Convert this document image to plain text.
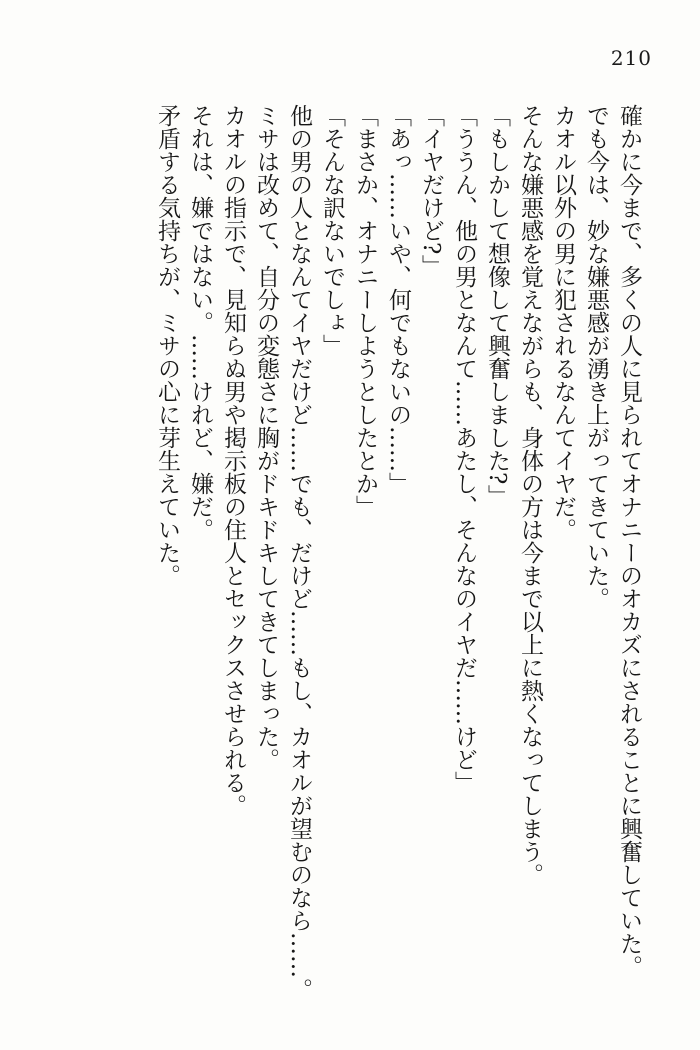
210

確かに今まで、多くの人に見られてオナニーのオカズにされることに興奮していた。

でも今は、妙な嫌悪感が湧き上がってきていた。

カオル以外の男に犯されるなんてイヤだ。

そんな嫌悪感を覚えながらも、身体の方は今まで以上に熱くなってしまう。

「もしかして想像して興奮しました?」

「ううん、他の男となんて……あたし、そんなのイヤだ……けど」

「イヤだけど?」

「あっ……いや、何でもないの……」

「まさか、オナニーしようとしたとか」

「そんな訳ないでしょ」

他の男の人となんてイヤだけど……でも、だけど……もし、カオルが望むのなら……。

ミサは改めて、自分の変態さに胸がドキドキしてきてしまった。

カオルの指示で、見知らぬ男や掲示板の住人とセックスさせられる。

それは、嫌ではない。……けれど、嫌だ。

矛盾する気持ちが、ミサの心に芽生えていた。
